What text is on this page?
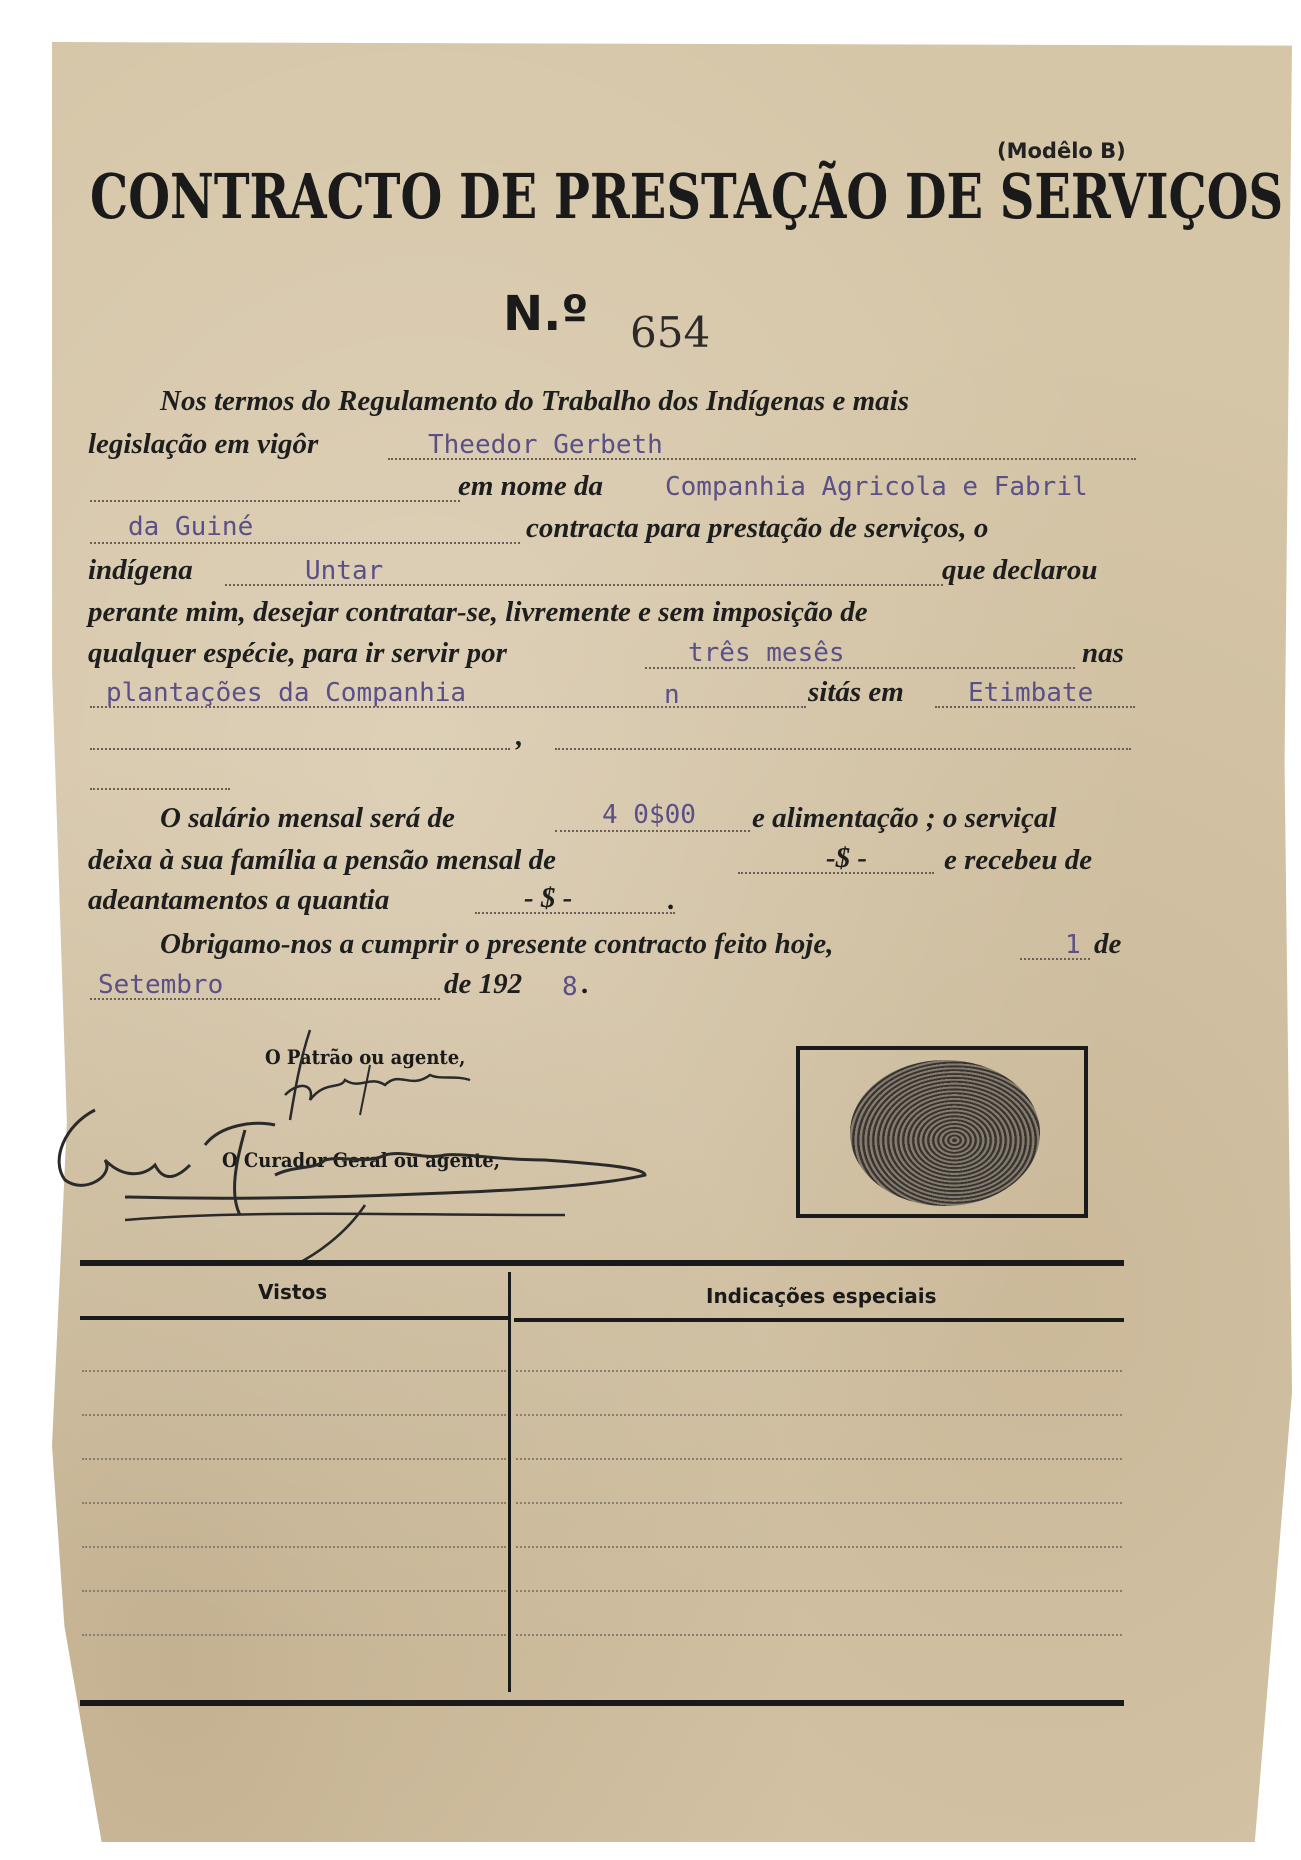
(Modêlo B)
CONTRACTO DE PRESTAÇÃO DE SERVIÇOS
N.º 654
Nos termos do Regulamento do Trabalho dos Indígenas e mais
legislação em vigôr	Theedor Gerbeth
em nome da Companhia Agricola e Fabril
da Guiné	contracta para prestação de serviços, o
indígena	Untar	que declarou
perante mim, desejar contratar-se, livremente e sem imposição de
qualquer espécie, para ir servir por	três mesês	nas
plantações da Companhia	n	sitás em Etimbate
,
O salário mensal será de	4 0$00 e alimentação ; o serviçal
deixa à sua família a pensão mensal de	-$ -	e recebeu de
adeantamentos a quantia	- $ -	.
Obrigamo-nos a cumprir o presente contracto feito hoje,	1 de
Setembro	de 192 8 .
O Patrão ou agente,
O Curador Geral ou agente,
Vistos	Indicações especiais
